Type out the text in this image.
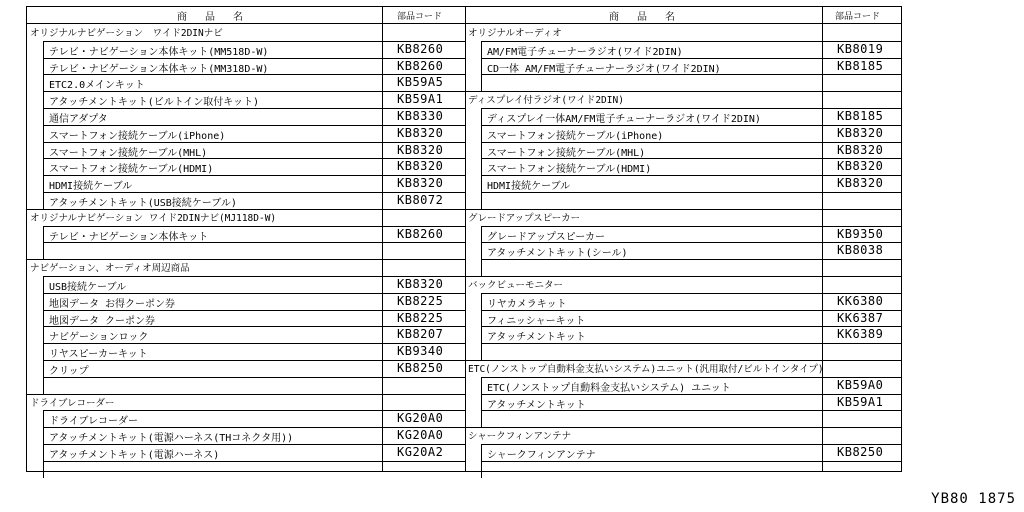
商 品 名	部品コード
オリジナルナビゲーション　ワイド2DINナビ
テレビ・ナビゲーション本体キット(MM518D-W)	KB8260
テレビ・ナビゲーション本体キット(MM318D-W)	KB8260
ETC2.0メインキット	KB59A5
アタッチメントキット(ビルトイン取付キット)	KB59A1
通信アダプタ	KB8330
スマートフォン接続ケーブル(iPhone)	KB8320
スマートフォン接続ケーブル(MHL)	KB8320
スマートフォン接続ケーブル(HDMI)	KB8320
HDMI接続ケーブル	KB8320
アタッチメントキット(USB接続ケーブル)	KB8072
オリジナルナビゲーション ワイド2DINナビ(MJ118D-W)
テレビ・ナビゲーション本体キット	KB8260
ナビゲーション、オーディオ周辺商品
USB接続ケーブル	KB8320
地図データ お得クーポン券	KB8225
地図データ クーポン券	KB8225
ナビゲーションロック	KB8207
リヤスピーカーキット	KB9340
クリップ	KB8250
ドライブレコーダー
ドライブレコーダー	KG20A0
アタッチメントキット(電源ハーネス(THコネクタ用))	KG20A0
アタッチメントキット(電源ハーネス)	KG20A2
商 品 名	部品コード
オリジナルオーディオ
AM/FM電子チューナーラジオ(ワイド2DIN)	KB8019
CD一体 AM/FM電子チューナーラジオ(ワイド2DIN)	KB8185
ディスプレイ付ラジオ(ワイド2DIN)
ディスプレイ一体AM/FM電子チューナーラジオ(ワイド2DIN)	KB8185
スマートフォン接続ケーブル(iPhone)	KB8320
スマートフォン接続ケーブル(MHL)	KB8320
スマートフォン接続ケーブル(HDMI)	KB8320
HDMI接続ケーブル	KB8320
グレードアップスピーカー
グレードアップスピーカー	KB9350
アタッチメントキット(シール)	KB8038
バックビューモニター
リヤカメラキット	KK6380
フィニッシャーキット	KK6387
アタッチメントキット	KK6389
ETC(ノンストップ自動料金支払いシステム)ユニット(汎用取付/ビルトインタイプ)
ETC(ノンストップ自動料金支払いシステム) ユニット	KB59A0
アタッチメントキット	KB59A1
シャークフィンアンテナ
シャークフィンアンテナ	KB8250
YB80 1875
